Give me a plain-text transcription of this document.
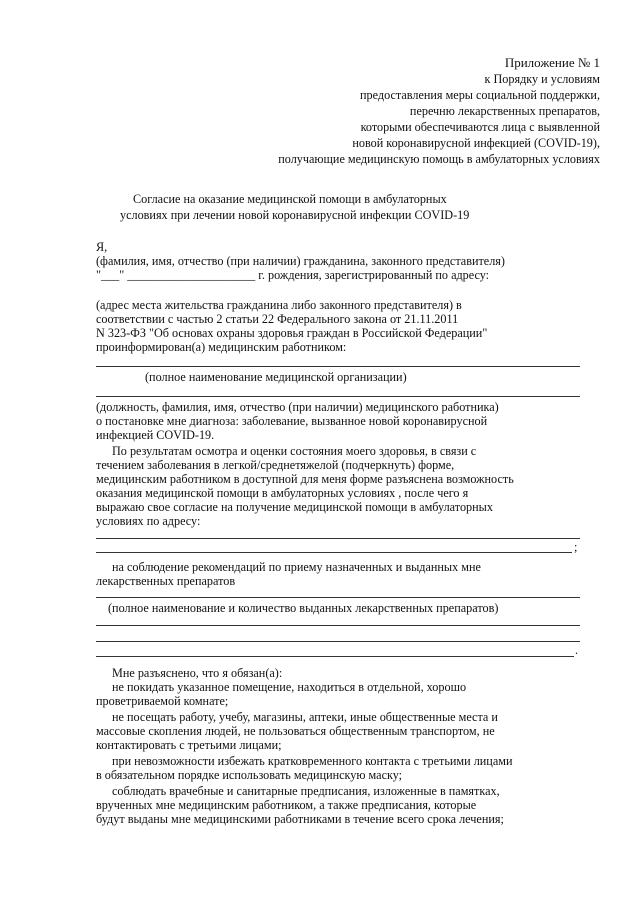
Приложение № 1
к Порядку и условиям
предоставления меры социальной поддержки,
перечню лекарственных препаратов,
которыми обеспечиваются лица с выявленной
новой коронавирусной инфекцией (COVID-19),
получающие медицинскую помощь в амбулаторных условиях
Согласие на оказание медицинской помощи в амбулаторных
условиях при лечении новой коронавирусной инфекции COVID-19
Я,
(фамилия, имя, отчество (при наличии) гражданина, законного представителя)
"___" _____________________ г. рождения, зарегистрированный по адресу:
(адрес места жительства гражданина либо законного представителя) в
соответствии с частью 2 статьи 22 Федерального закона от 21.11.2011
N 323-ФЗ "Об основах охраны здоровья граждан в Российской Федерации"
проинформирован(а) медицинским работником:
(полное наименование медицинской организации)
(должность, фамилия, имя, отчество (при наличии) медицинского работника)
о постановке мне диагноза: заболевание, вызванное новой коронавирусной
инфекцией COVID-19.
По результатам осмотра и оценки состояния моего здоровья, в связи с
течением заболевания в легкой/среднетяжелой (подчеркнуть) форме,
медицинским работником в доступной для меня форме разъяснена возможность
оказания медицинской помощи в амбулаторных условиях , после чего я
выражаю свое согласие на получение медицинской помощи в амбулаторных
условиях по адресу:
;
на соблюдение рекомендаций по приему назначенных и выданных мне
лекарственных препаратов
(полное наименование и количество выданных лекарственных препаратов)
.
Мне разъяснено, что я обязан(а):
не покидать указанное помещение, находиться в отдельной, хорошо
проветриваемой комнате;
не посещать работу, учебу, магазины, аптеки, иные общественные места и
массовые скопления людей, не пользоваться общественным транспортом, не
контактировать с третьими лицами;
при невозможности избежать кратковременного контакта с третьими лицами
в обязательном порядке использовать медицинскую маску;
соблюдать врачебные и санитарные предписания, изложенные в памятках,
врученных мне медицинским работником, а также предписания, которые
будут выданы мне медицинскими работниками в течение всего срока лечения;
